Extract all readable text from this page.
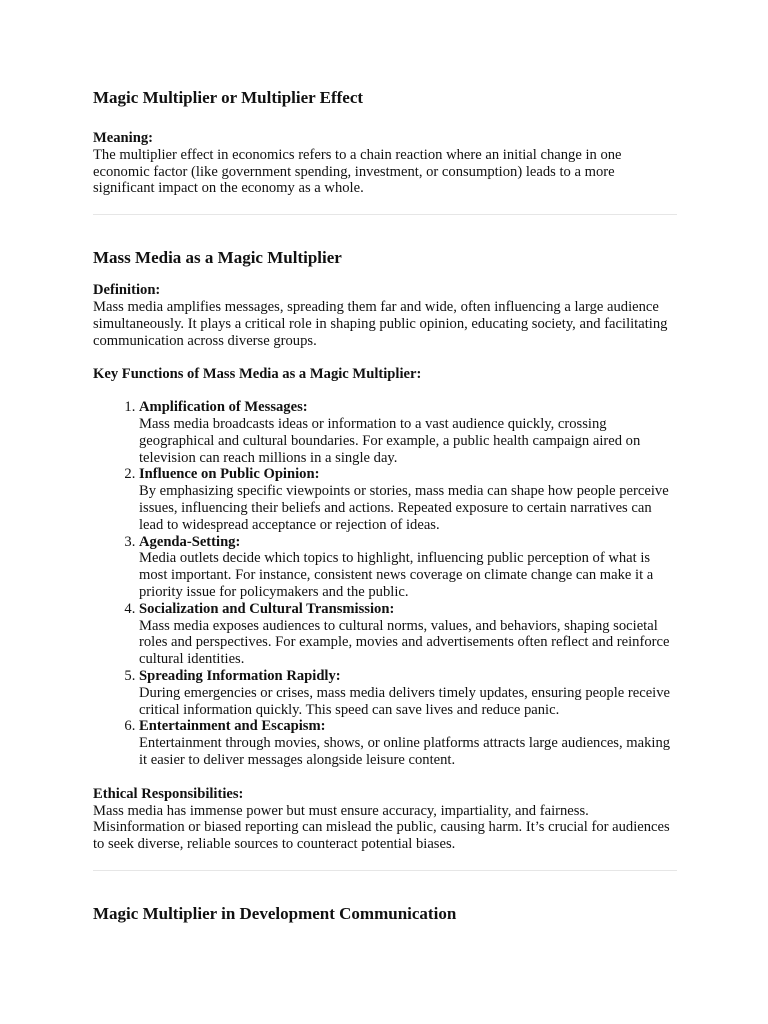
Magic Multiplier or Multiplier Effect
Meaning:

The multiplier effect in economics refers to a chain reaction where an initial change in one economic factor (like government spending, investment, or consumption) leads to a more significant impact on the economy as a whole.

Mass Media as a Magic Multiplier
Definition:

Mass media amplifies messages, spreading them far and wide, often influencing a large audience simultaneously. It plays a critical role in shaping public opinion, educating society, and facilitating communication across diverse groups.

Key Functions of Mass Media as a Magic Multiplier:
1. Amplification of Messages:
Mass media broadcasts ideas or information to a vast audience quickly, crossing geographical and cultural boundaries. For example, a public health campaign aired on television can reach millions in a single day.
2. Influence on Public Opinion:
By emphasizing specific viewpoints or stories, mass media can shape how people perceive issues, influencing their beliefs and actions. Repeated exposure to certain narratives can lead to widespread acceptance or rejection of ideas.
3. Agenda-Setting:
Media outlets decide which topics to highlight, influencing public perception of what is most important. For instance, consistent news coverage on climate change can make it a priority issue for policymakers and the public.
4. Socialization and Cultural Transmission:
Mass media exposes audiences to cultural norms, values, and behaviors, shaping societal roles and perspectives. For example, movies and advertisements often reflect and reinforce cultural identities.
5. Spreading Information Rapidly:
During emergencies or crises, mass media delivers timely updates, ensuring people receive critical information quickly. This speed can save lives and reduce panic.
6. Entertainment and Escapism:
Entertainment through movies, shows, or online platforms attracts large audiences, making it easier to deliver messages alongside leisure content.
Ethical Responsibilities:

Mass media has immense power but must ensure accuracy, impartiality, and fairness. Misinformation or biased reporting can mislead the public, causing harm. It’s crucial for audiences to seek diverse, reliable sources to counteract potential biases.

Magic Multiplier in Development Communication
